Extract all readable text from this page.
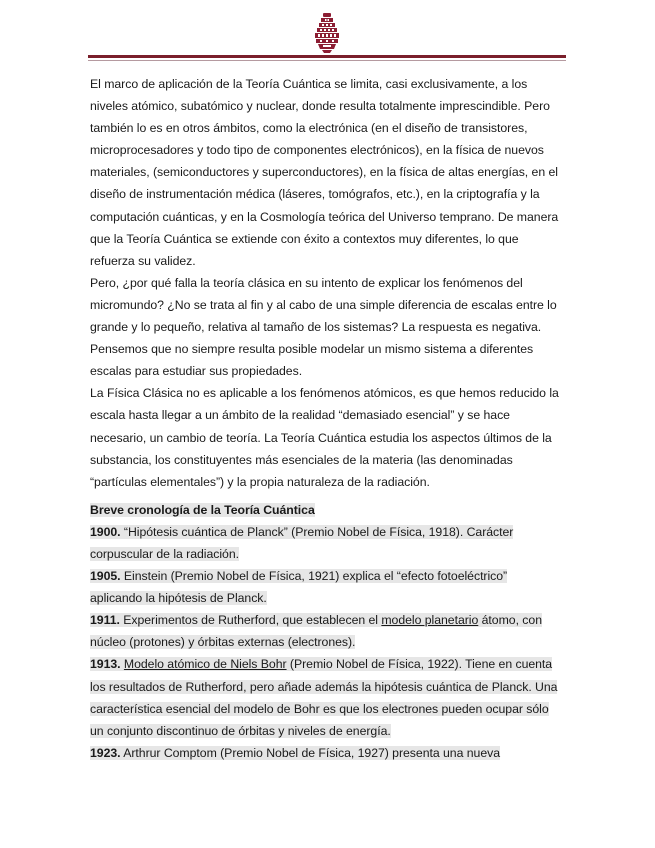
El marco de aplicación de la Teoría Cuántica se limita, casi exclusivamente, a los niveles atómico, subatómico y nuclear, donde resulta totalmente imprescindible. Pero también lo es en otros ámbitos, como la electrónica (en el diseño de transistores, microprocesadores y todo tipo de componentes electrónicos), en la física de nuevos materiales, (semiconductores y superconductores), en la física de altas energías, en el diseño de instrumentación médica (láseres, tomógrafos, etc.), en la criptografía y la computación cuánticas, y en la Cosmología teórica del Universo temprano. De manera que la Teoría Cuántica se extiende con éxito a contextos muy diferentes, lo que refuerza su validez.

Pero, ¿por qué falla la teoría clásica en su intento de explicar los fenómenos del micromundo? ¿No se trata al fin y al cabo de una simple diferencia de escalas entre lo grande y lo pequeño, relativa al tamaño de los sistemas? La respuesta es negativa. Pensemos que no siempre resulta posible modelar un mismo sistema a diferentes escalas para estudiar sus propiedades.

La Física Clásica no es aplicable a los fenómenos atómicos, es que hemos reducido la escala hasta llegar a un ámbito de la realidad “demasiado esencial” y se hace necesario, un cambio de teoría. La Teoría Cuántica estudia los aspectos últimos de la substancia, los constituyentes más esenciales de la materia (las denominadas “partículas elementales”) y la propia naturaleza de la radiación.

Breve cronología de la Teoría Cuántica

1900. “Hipótesis cuántica de Planck” (Premio Nobel de Física, 1918). Carácter corpuscular de la radiación.

1905. Einstein (Premio Nobel de Física, 1921) explica el “efecto fotoeléctrico” aplicando la hipótesis de Planck.

1911. Experimentos de Rutherford, que establecen el modelo planetario átomo, con núcleo (protones) y órbitas externas (electrones).

1913. Modelo atómico de Niels Bohr (Premio Nobel de Física, 1922). Tiene en cuenta los resultados de Rutherford, pero añade además la hipótesis cuántica de Planck. Una característica esencial del modelo de Bohr es que los electrones pueden ocupar sólo un conjunto discontinuo de órbitas y niveles de energía.

1923. Arthrur Comptom (Premio Nobel de Física, 1927) presenta una nueva
